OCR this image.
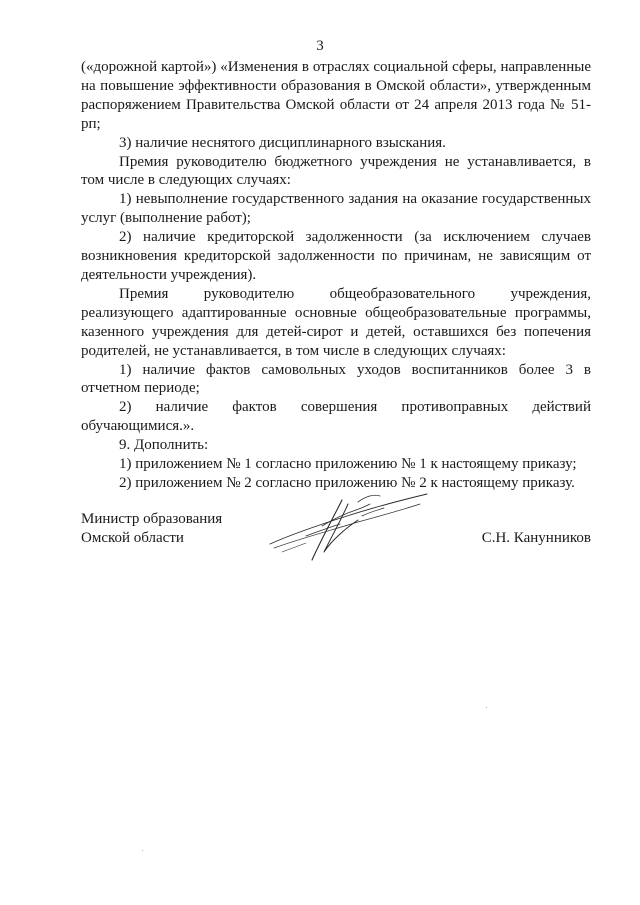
3

(«дорожной картой») «Изменения в отраслях социальной сферы, направленные на повышение эффективности образования в Омской области», утвержденным распоряжением Правительства Омской области от 24 апреля 2013 года № 51-рп;

3) наличие неснятого дисциплинарного взыскания.

Премия руководителю бюджетного учреждения не устанавливается, в том числе в следующих случаях:

1) невыполнение государственного задания на оказание государственных услуг (выполнение работ);

2) наличие кредиторской задолженности (за исключением случаев возникновения кредиторской задолженности по причинам, не зависящим от деятельности учреждения).

Премия руководителю общеобразовательного учреждения, реализующего адаптированные основные общеобразовательные программы, казенного учреждения для детей-сирот и детей, оставшихся без попечения родителей, не устанавливается, в том числе в следующих случаях:

1) наличие фактов самовольных уходов воспитанников более 3 в отчетном периоде;

2) наличие фактов совершения противоправных действий обучающимися.».

9. Дополнить:

1) приложением № 1 согласно приложению № 1 к настоящему приказу;

2) приложением № 2 согласно приложению № 2 к настоящему приказу.

Министр образования
Омской области	С.Н. Канунников
